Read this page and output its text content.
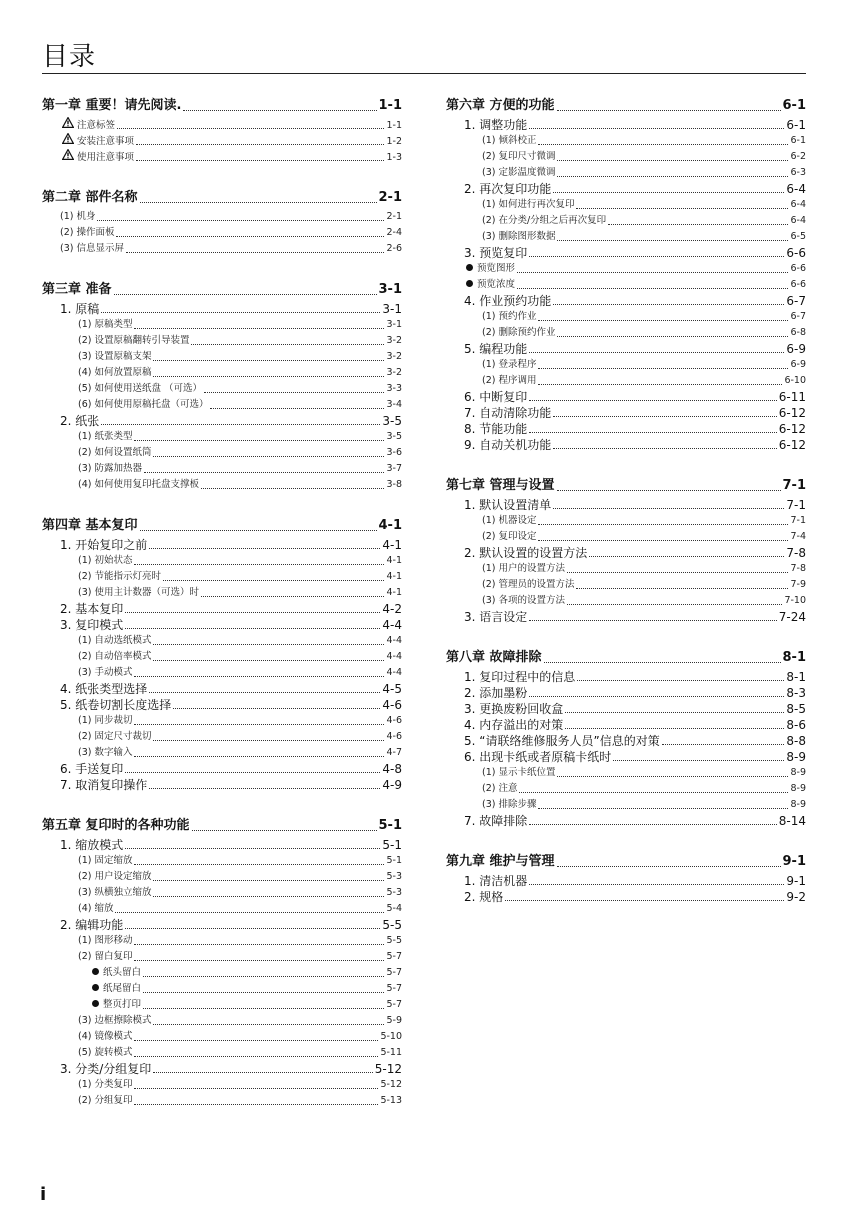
目录
第一章 重要！请先阅读.	1-1
注意标签	1-1
安装注意事项	1-2
使用注意事项	1-3
第二章 部件名称	2-1
(1) 机身	2-1
(2) 操作面板	2-4
(3) 信息显示屏	2-6
第三章 准备	3-1
1. 原稿	3-1
(1) 原稿类型	3-1
(2) 设置原稿翻转引导装置	3-2
(3) 设置原稿支架	3-2
(4) 如何放置原稿	3-2
(5) 如何使用送纸盘 （可选）	3-3
(6) 如何使用原稿托盘（可选）	3-4
2. 纸张	3-5
(1) 纸张类型	3-5
(2) 如何设置纸筒	3-6
(3) 防露加热器	3-7
(4) 如何使用复印托盘支撑板	3-8
第四章 基本复印	4-1
1. 开始复印之前	4-1
(1) 初始状态	4-1
(2) 节能指示灯亮时	4-1
(3) 使用主计数器（可选）时	4-1
2. 基本复印	4-2
3. 复印模式	4-4
(1) 自动选纸模式	4-4
(2) 自动倍率模式	4-4
(3) 手动模式	4-4
4. 纸张类型选择	4-5
5. 纸卷切割长度选择	4-6
(1) 同步裁切	4-6
(2) 固定尺寸裁切	4-6
(3) 数字输入	4-7
6. 手送复印	4-8
7. 取消复印操作	4-9
第五章 复印时的各种功能	5-1
1. 缩放模式	5-1
(1) 固定缩放	5-1
(2) 用户设定缩放	5-3
(3) 纵横独立缩放	5-3
(4) 缩放	5-4
2. 编辑功能	5-5
(1) 图形移动	5-5
(2) 留白复印	5-7
纸头留白	5-7
纸尾留白	5-7
整页打印	5-7
(3) 边框擦除模式	5-9
(4) 镜像模式	5-10
(5) 旋转模式	5-11
3. 分类/分组复印	5-12
(1) 分类复印	5-12
(2) 分组复印	5-13
第六章 方便的功能	6-1
1. 调整功能	6-1
(1) 倾斜校正	6-1
(2) 复印尺寸微调	6-2
(3) 定影温度微调	6-3
2. 再次复印功能	6-4
(1) 如何进行再次复印	6-4
(2) 在分类/分组之后再次复印	6-4
(3) 删除图形数据	6-5
3. 预览复印	6-6
预览图形	6-6
预览浓度	6-6
4. 作业预约功能	6-7
(1) 预约作业	6-7
(2) 删除预约作业	6-8
5. 编程功能	6-9
(1) 登录程序	6-9
(2) 程序调用	6-10
6. 中断复印	6-11
7. 自动清除功能	6-12
8. 节能功能	6-12
9. 自动关机功能	6-12
第七章 管理与设置	7-1
1. 默认设置清单	7-1
(1) 机器设定	7-1
(2) 复印设定	7-4
2. 默认设置的设置方法	7-8
(1) 用户的设置方法	7-8
(2) 管理员的设置方法	7-9
(3) 各项的设置方法	7-10
3. 语言设定	7-24
第八章 故障排除	8-1
1. 复印过程中的信息	8-1
2. 添加墨粉	8-3
3. 更换废粉回收盒	8-5
4. 内存溢出的对策	8-6
5. “请联络维修服务人员”信息的对策	8-8
6. 出现卡纸或者原稿卡纸时	8-9
(1) 显示卡纸位置	8-9
(2) 注意	8-9
(3) 排除步骤	8-9
7. 故障排除	8-14
第九章 维护与管理	9-1
1. 清洁机器	9-1
2. 规格	9-2
i
